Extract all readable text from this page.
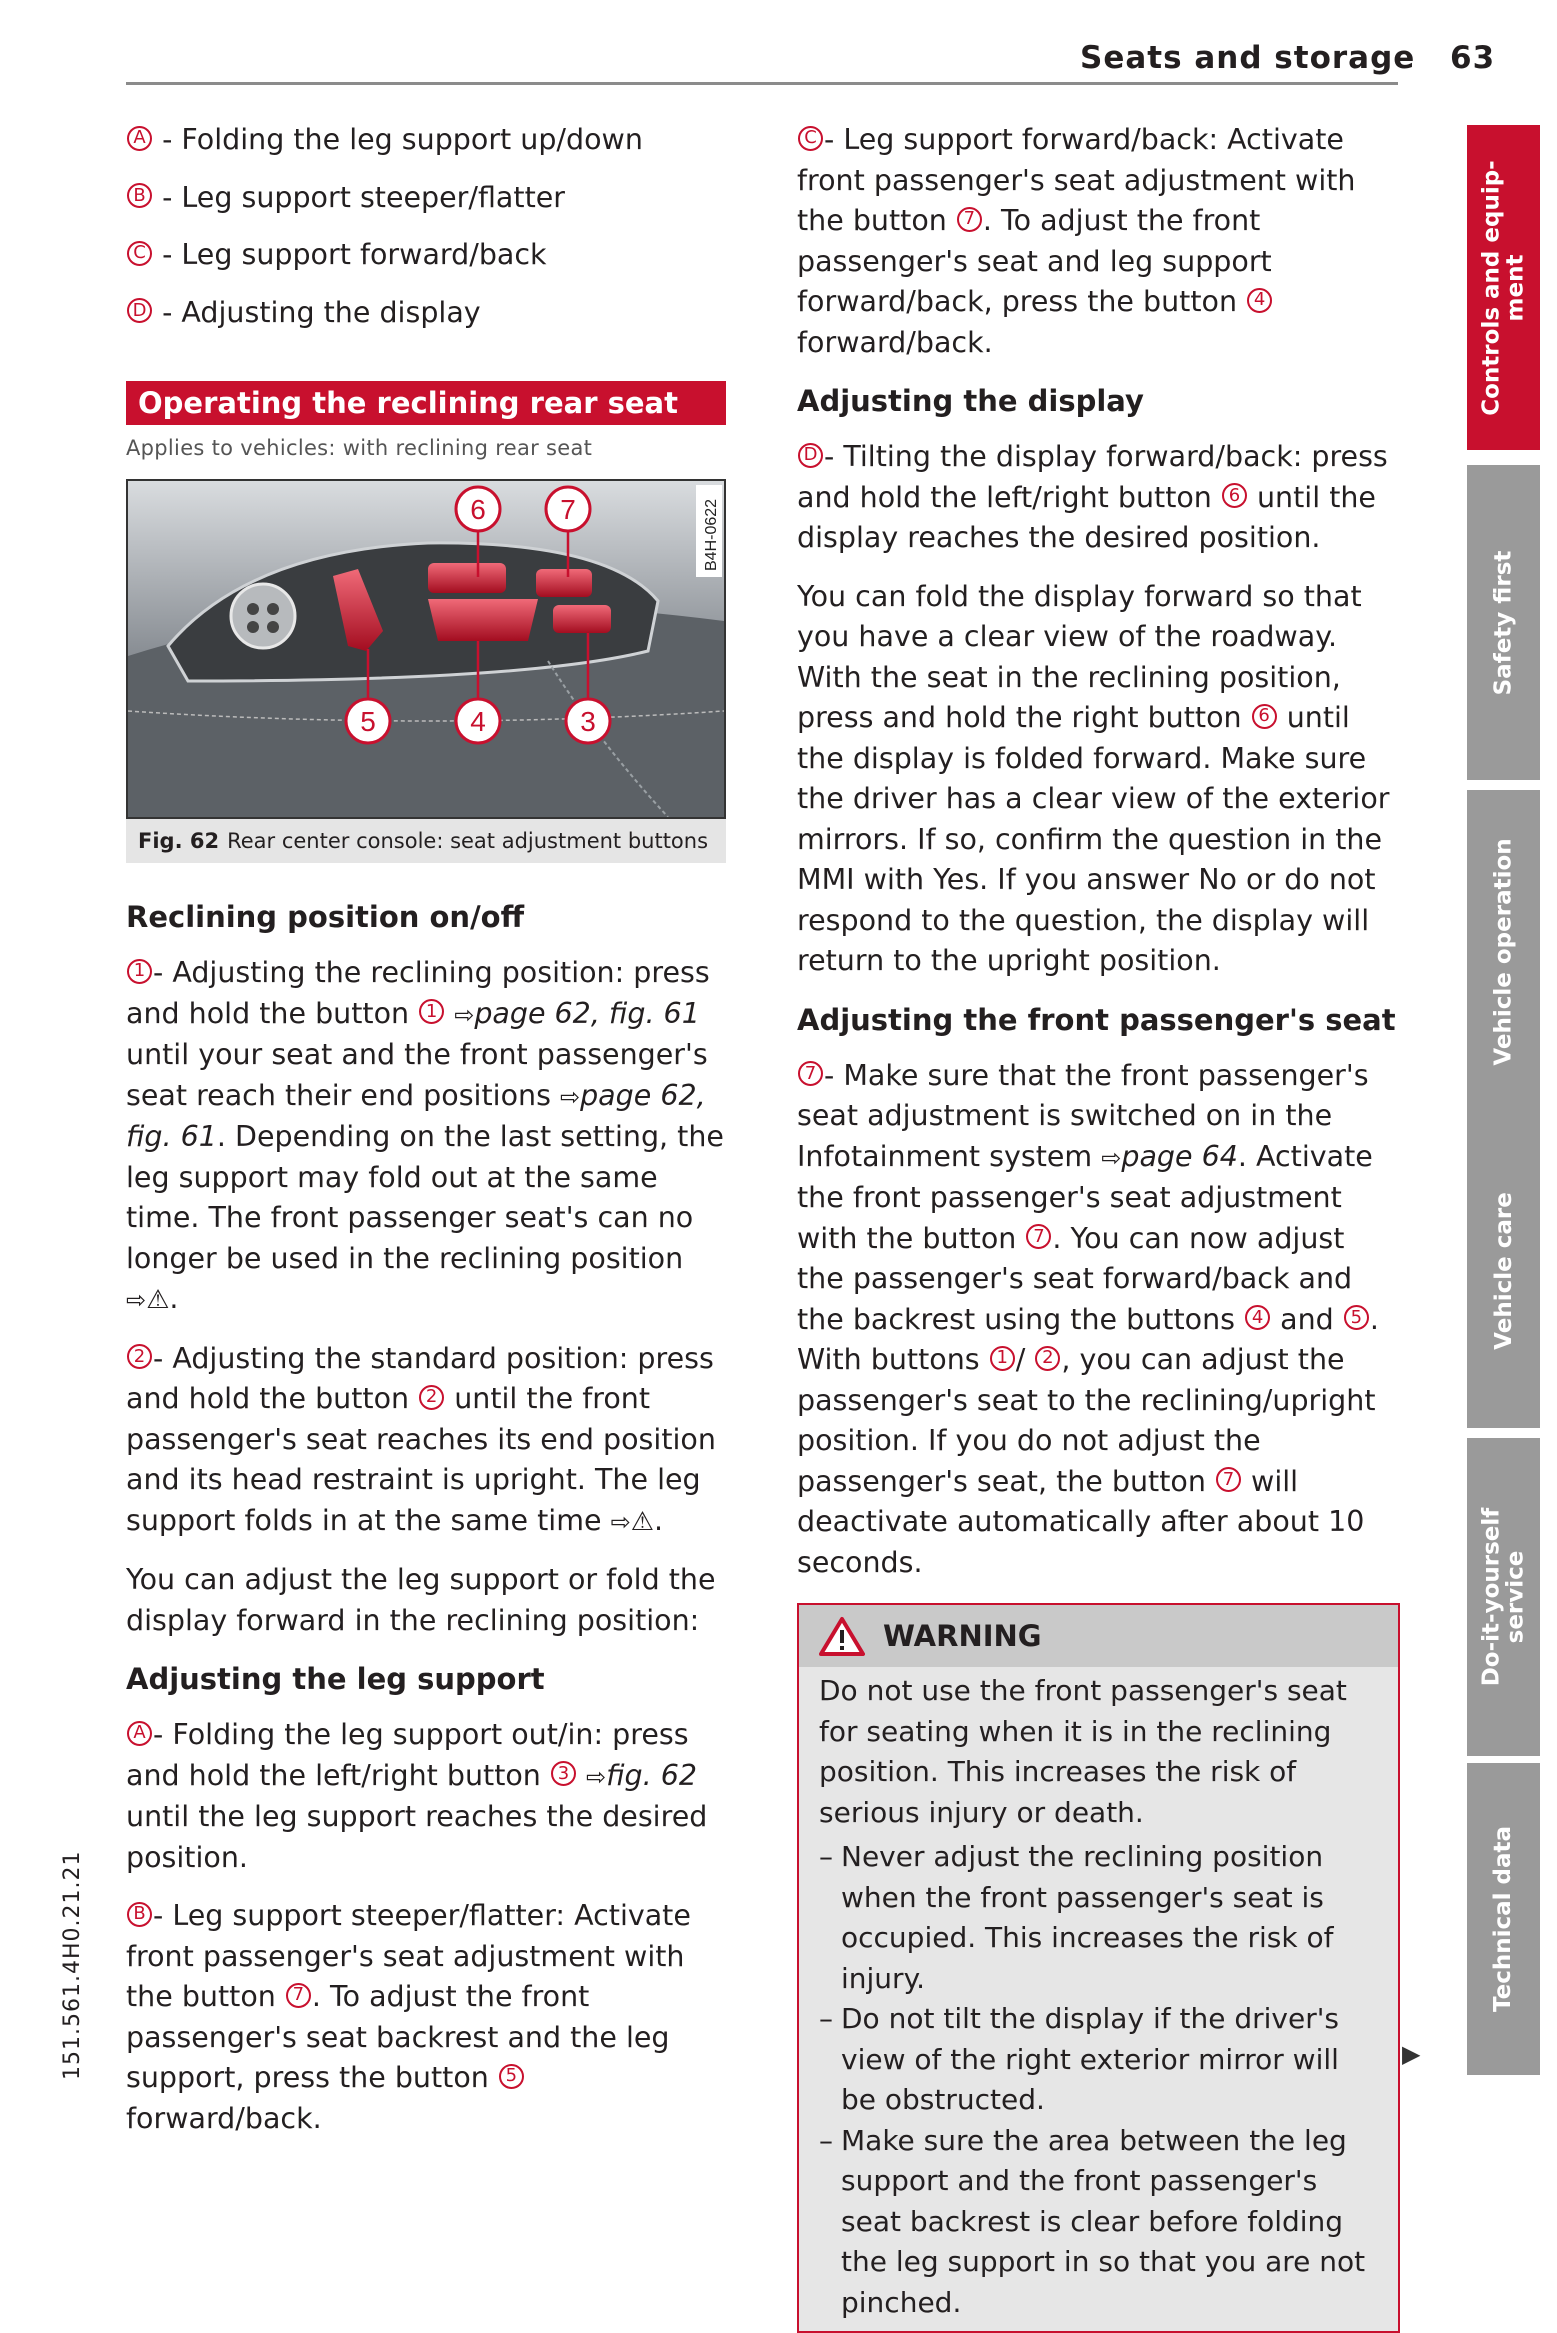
Seats and storage 63
A - Folding the leg support up/down
B - Leg support steeper/flatter
C - Leg support forward/back
D - Adjusting the display
Operating the reclining rear seat
Applies to vehicles: with reclining rear seat
6	7
5	4	3
B4H-0622
Fig. 62 Rear center console: seat adjustment buttons
Reclining position on/off
1 - Adjusting the reclining position: press and hold the button 1 ⇨page 62, fig. 61 until your seat and the front passenger's seat reach their end positions ⇨page 62, fig. 61. Depending on the last setting, the leg support may fold out at the same time. The front passenger seat's can no longer be used in the reclining position ⇨⚠.
2 - Adjusting the standard position: press and hold the button 2 until the front passenger's seat reaches its end position and its head restraint is upright. The leg support folds in at the same time ⇨⚠.
You can adjust the leg support or fold the display forward in the reclining position:
Adjusting the leg support
A - Folding the leg support out/in: press and hold the left/right button 3 ⇨fig. 62 until the leg support reaches the desired position.
B - Leg support steeper/flatter: Activate front passenger's seat adjustment with the button 7 . To adjust the front passenger's seat backrest and the leg support, press the button 5 forward/back.
C - Leg support forward/back: Activate front passenger's seat adjustment with the button 7 . To adjust the front passenger's seat and leg support forward/back, press the button 4 forward/back.
Adjusting the display
D - Tilting the display forward/back: press and hold the left/right button 6 until the display reaches the desired position.
You can fold the display forward so that you have a clear view of the roadway. With the seat in the reclining position, press and hold the right button 6 until the display is folded forward. Make sure the driver has a clear view of the exterior mirrors. If so, confirm the question in the MMI with Yes. If you answer No or do not respond to the question, the display will return to the upright position.
Adjusting the front passenger's seat
7 - Make sure that the front passenger's seat adjustment is switched on in the Infotainment system ⇨page 64. Activate the front passenger's seat adjustment with the button 7 . You can now adjust the passenger's seat forward/back and the backrest using the buttons 4 and 5 . With buttons 1 / 2 , you can adjust the passenger's seat to the reclining/upright position. If you do not adjust the passenger's seat, the button 7 will deactivate automatically after about 10 seconds.
WARNING
Do not use the front passenger's seat for seating when it is in the reclining position. This increases the risk of serious injury or death.
– Never adjust the reclining position when the front passenger's seat is occupied. This increases the risk of injury.
– Do not tilt the display if the driver's view of the right exterior mirror will be obstructed.
– Make sure the area between the leg support and the front passenger's seat backrest is clear before folding the leg support in so that you are not pinched.
Controls and equip-
ment
Safety first
Vehicle operation
Vehicle care
Do-it-yourself
service
Technical data
▶
151.561.4H0.21.21
